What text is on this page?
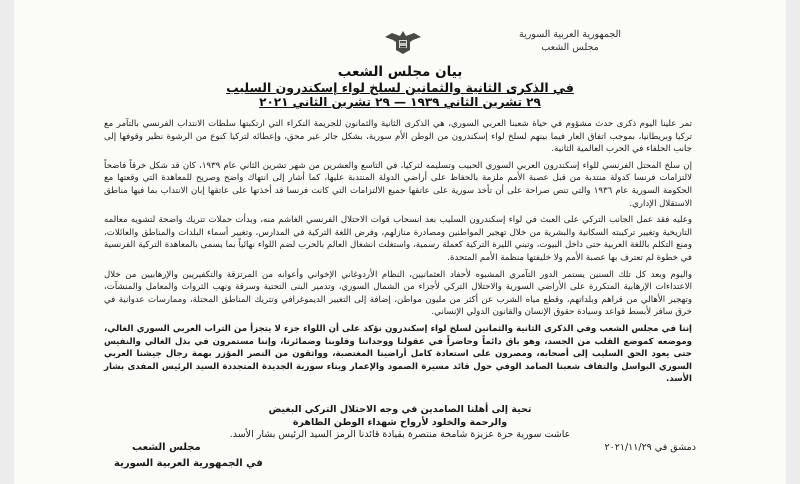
الجمهورية العربية السورية
مجلس الشعب
بيان مجلس الشعب
في الذكرى الثانية والثمانين لسلخ لواء إسكندرون السليب
٢٩ تشرين الثاني ١٩٣٩ — ٢٩ تشرين الثاني ٢٠٢١

تمر علينا اليوم ذكرى حدث مشؤوم في حياة شعبنا العربي السوري، هي الذكرى الثانية والثمانون للجريمة النكراء التي ارتكبتها سلطات الانتداب الفرنسي بالتآمر مع تركيا وبريطانيا، بموجب اتفاق العار فيما بينهم لسلخ لواء إسكندرون من الوطن الأم سورية، بشكل جائر غير محق، وإعطائه لتركيا كنوع من الرشوة نظير وقوفها إلى جانب الحلفاء في الحرب العالمية الثانية.

إن سلخ المحتل الفرنسي للواء إسكندرون العربي السوري الحبيب وتسليمه لتركيا، في التاسع والعشرين من شهر تشرين الثاني عام ١٩٣٩، كان قد شكل خرقاً فاضحاً لالتزامات فرنسا كدولة منتدبة من قبل عصبة الأمم ملزمة بالحفاظ على أراضي الدولة المنتدبة عليها، كما أشار إلى انتهاك واضح وصريح للمعاهدة التي وقعتها مع الحكومة السورية عام ١٩٣٦ والتي تنص صراحة على أن تأخذ سورية على عاتقها جميع الالتزامات التي كانت فرنسا قد أخذتها على عاتقها إبان الانتداب بما فيها مناطق الاستقلال الإداري.

وعليه فقد عمل الجانب التركي على العبث في لواء إسكندرون السليب بعد انسحاب قوات الاحتلال الفرنسي الغاشم منه، وبدأت حملات تتريك واضحة لتشويه معالمه التاريخية وتغيير تركيبته السكانية والبشرية من خلال تهجير المواطنين ومصادرة منازلهم، وفرض اللغة التركية في المدارس، وتغيير أسماء البلدات والمناطق والعائلات، ومنع التكلم باللغة العربية حتى داخل البيوت، وتبني الليرة التركية كعملة رسمية، واستغلت انشغال العالم بالحرب لضم اللواء نهائياً بما يسمى بالمعاهدة التركية الفرنسية في خطوة لم تعترف بها عصبة الأمم ولا خليفتها منظمة الأمم المتحدة.

واليوم وبعد كل تلك السنين يستمر الدور التآمري المشبوه لأحفاد العثمانيين، النظام الأردوغاني الإخواني وأعوانه من المرتزقة والتكفيريين والإرهابيين من خلال الاعتداءات الإرهابية المتكررة على الأراضي السورية والاحتلال التركي لأجزاء من الشمال السوري، وتدمير البنى التحتية وسرقة ونهب الثروات والمعامل والمنشآت، وتهجير الأهالي من قراهم وبلداتهم، وقطع مياه الشرب عن أكثر من مليون مواطن، إضافة إلى التغيير الديموغرافي وتتريك المناطق المحتلة، وممارسات عدوانية في خرق سافر لأبسط قواعد وسيادة حقوق الإنسان والقانون الدولي الإنساني.

إننا في مجلس الشعب وفي الذكرى الثانية والثمانين لسلخ لواء إسكندرون نؤكد على أن اللواء جزء لا يتجزأ من التراب العربي السوري الغالي، وموضعه كموضع القلب من الجسد، وهو باق دائماً وحاضراً في عقولنا ووجداننا وقلوبنا وضمائرنا، وإننا مستمرون في بذل الغالي والنفيس حتى يعود الحق السليب إلى أصحابه، ومصرون على استعادة كامل أراضينا المغتصبة، وواثقون من النصر المؤزر بهمة رجال جيشنا العربي السوري البواسل والتفاف شعبنا الصامد الوفي حول قائد مسيرة الصمود والإعمار وبناء سورية الجديدة المتجددة السيد الرئيس المفدى بشار الأسد.

تحية إلى أهلنا الصامدين في وجه الاحتلال التركي البغيض
والرحمة والخلود لأرواح شهداء الوطن الطاهرة
عاشت سورية حرة عزيزة شامخة منتصرة بقيادة قائدنا الرمز السيد الرئيس بشار الأسد.
دمشق في ٢٠٢١/١١/٢٩
مجلس الشعب
في الجمهورية العربية السورية
